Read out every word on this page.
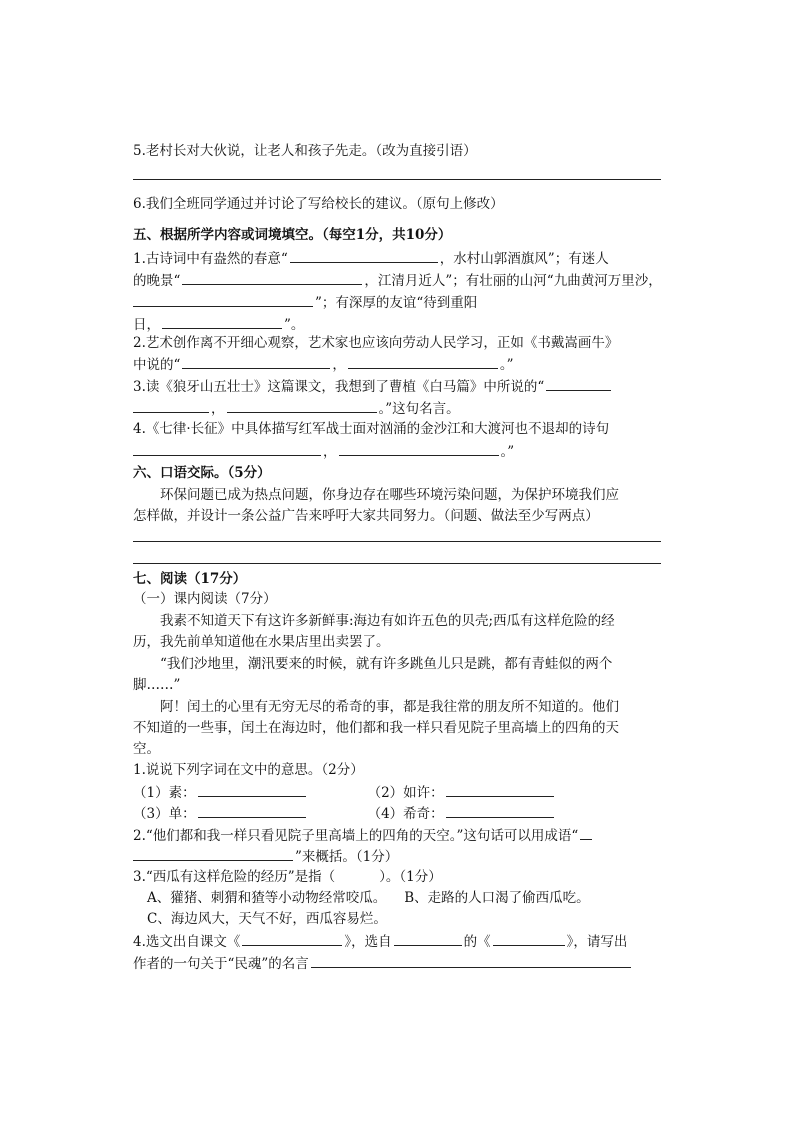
5.老村长对大伙说，让老人和孩子先走。（改为直接引语）
6.我们全班同学通过并讨论了写给校长的建议。（原句上修改）
五、根据所学内容或词境填空。（每空1分，共10分）
1.古诗词中有盎然的春意“	，水村山郭酒旗风”；有迷人
的晚景“	，江清月近人”；有壮丽的山河“九曲黄河万里沙，
”；有深厚的友谊“待到重阳
日，	”。
2.艺术创作离不开细心观察，艺术家也应该向劳动人民学习，正如《书戴嵩画牛》
中说的“	，	。”
3.读《狼牙山五壮士》这篇课文，我想到了曹植《白马篇》中所说的“
，	。”这句名言。
4.《七律·长征》中具体描写红军战士面对汹涌的金沙江和大渡河也不退却的诗句
，	。”
六、口语交际。（5分）
环保问题已成为热点问题，你身边存在哪些环境污染问题，为保护环境我们应
怎样做，并设计一条公益广告来呼吁大家共同努力。（问题、做法至少写两点）
七、阅读（17分）
（一）课内阅读（7分）
我素不知道天下有这许多新鲜事:海边有如许五色的贝壳;西瓜有这样危险的经
历，我先前单知道他在水果店里出卖罢了。
“我们沙地里，潮汛要来的时候，就有许多跳鱼儿只是跳，都有青蛙似的两个
脚……”
阿！闰土的心里有无穷无尽的希奇的事，都是我往常的朋友所不知道的。他们
不知道的一些事，闰土在海边时，他们都和我一样只看见院子里高墙上的四角的天
空。
1.说说下列字词在文中的意思。（2分）
（1）素：	（2）如许：
（3）单：	（4）希奇：
2.“他们都和我一样只看见院子里高墙上的四角的天空。”这句话可以用成语“
”来概括。（1分）
3.“西瓜有这样危险的经历”是指（	）。（1分）
A、獾猪、刺猬和猹等小动物经常咬瓜。 B、走路的人口渴了偷西瓜吃。
C、海边风大，天气不好，西瓜容易烂。
4.选文出自课文《	》，选自	的《	》，请写出
作者的一句关于“民魂”的名言
